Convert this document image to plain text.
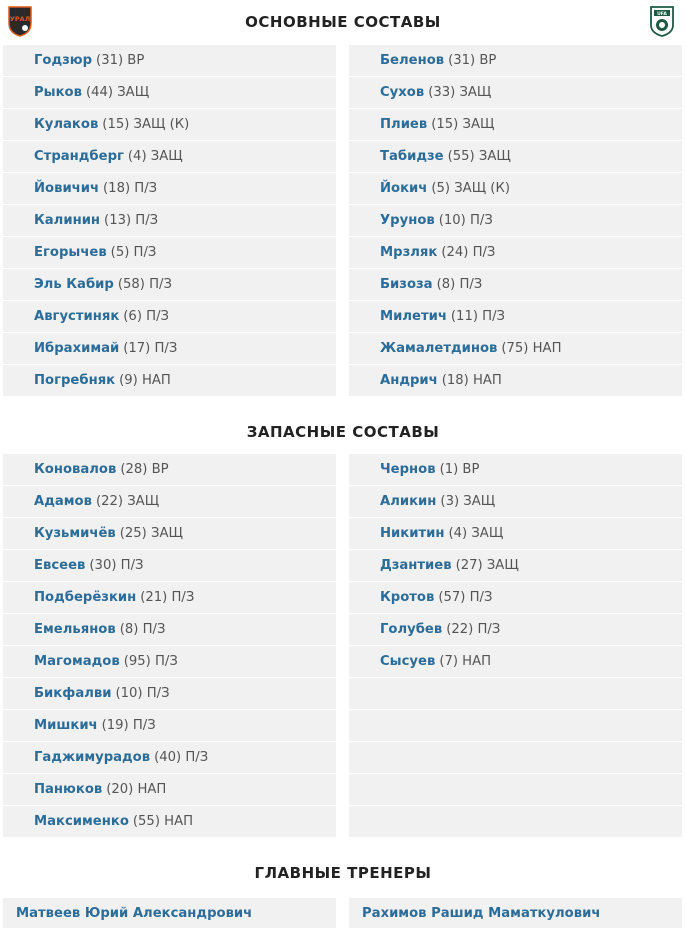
УРАЛ
UFA
ОСНОВНЫЕ СОСТАВЫ
Годзюр (31) ВР
Рыков (44) ЗАЩ
Кулаков (15) ЗАЩ (К)
Страндберг (4) ЗАЩ
Йовичич (18) П/З
Калинин (13) П/З
Егорычев (5) П/З
Эль Кабир (58) П/З
Августиняк (6) П/З
Ибрахимай (17) П/З
Погребняк (9) НАП
Беленов (31) ВР
Сухов (33) ЗАЩ
Плиев (15) ЗАЩ
Табидзе (55) ЗАЩ
Йокич (5) ЗАЩ (К)
Урунов (10) П/З
Мрзляк (24) П/З
Бизоза (8) П/З
Милетич (11) П/З
Жамалетдинов (75) НАП
Андрич (18) НАП
ЗАПАСНЫЕ СОСТАВЫ
Коновалов (28) ВР
Адамов (22) ЗАЩ
Кузьмичёв (25) ЗАЩ
Евсеев (30) П/З
Подберёзкин (21) П/З
Емельянов (8) П/З
Магомадов (95) П/З
Бикфалви (10) П/З
Мишкич (19) П/З
Гаджимурадов (40) П/З
Панюков (20) НАП
Максименко (55) НАП
Чернов (1) ВР
Аликин (3) ЗАЩ
Никитин (4) ЗАЩ
Дзантиев (27) ЗАЩ
Кротов (57) П/З
Голубев (22) П/З
Сысуев (7) НАП
ГЛАВНЫЕ ТРЕНЕРЫ
Матвеев Юрий Александрович	Рахимов Рашид Маматкулович
